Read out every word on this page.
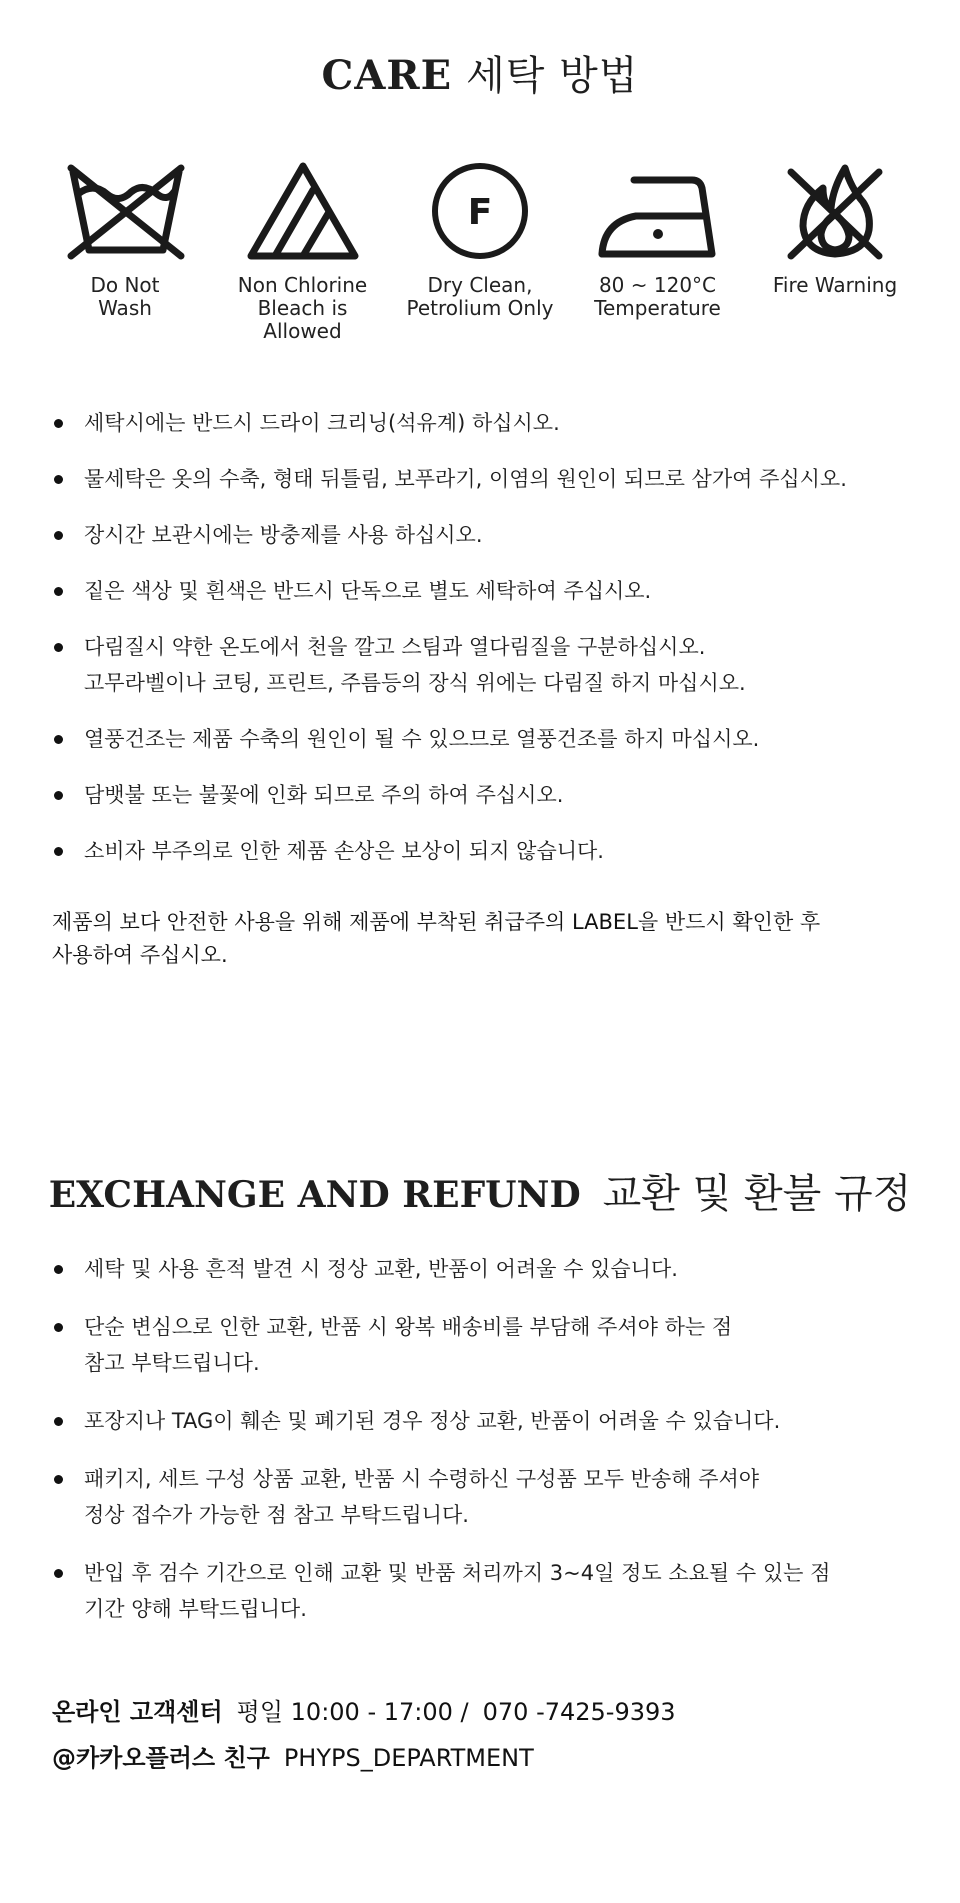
CARE 세탁 방법
Do Not
Wash
Non Chlorine
Bleach is
Allowed
F
Dry Clean,
Petrolium Only
80 ~ 120°C
Temperature
Fire Warning
세탁시에는 반드시 드라이 크리닝(석유계) 하십시오.
물세탁은 옷의 수축, 형태 뒤틀림, 보푸라기, 이염의 원인이 되므로 삼가여 주십시오.
장시간 보관시에는 방충제를 사용 하십시오.
짙은 색상 및 흰색은 반드시 단독으로 별도 세탁하여 주십시오.
다림질시 약한 온도에서 천을 깔고 스팀과 열다림질을 구분하십시오.
고무라벨이나 코팅, 프린트, 주름등의 장식 위에는 다림질 하지 마십시오.
열풍건조는 제품 수축의 원인이 될 수 있으므로 열풍건조를 하지 마십시오.
담뱃불 또는 불꽃에 인화 되므로 주의 하여 주십시오.
소비자 부주의로 인한 제품 손상은 보상이 되지 않습니다.

제품의 보다 안전한 사용을 위해 제품에 부착된 취급주의 LABEL을 반드시 확인한 후
사용하여 주십시오.

EXCHANGE AND REFUND 교환 및 환불 규정
세탁 및 사용 흔적 발견 시 정상 교환, 반품이 어려울 수 있습니다.
단순 변심으로 인한 교환, 반품 시 왕복 배송비를 부담해 주셔야 하는 점
참고 부탁드립니다.
포장지나 TAG이 훼손 및 폐기된 경우 정상 교환, 반품이 어려울 수 있습니다.
패키지, 세트 구성 상품 교환, 반품 시 수령하신 구성품 모두 반송해 주셔야
정상 접수가 가능한 점 참고 부탁드립니다.
반입 후 검수 기간으로 인해 교환 및 반품 처리까지 3~4일 정도 소요될 수 있는 점
기간 양해 부탁드립니다.
온라인 고객센터 평일 10:00 - 17:00 / 070 -7425-9393
@카카오플러스 친구 PHYPS_DEPARTMENT
